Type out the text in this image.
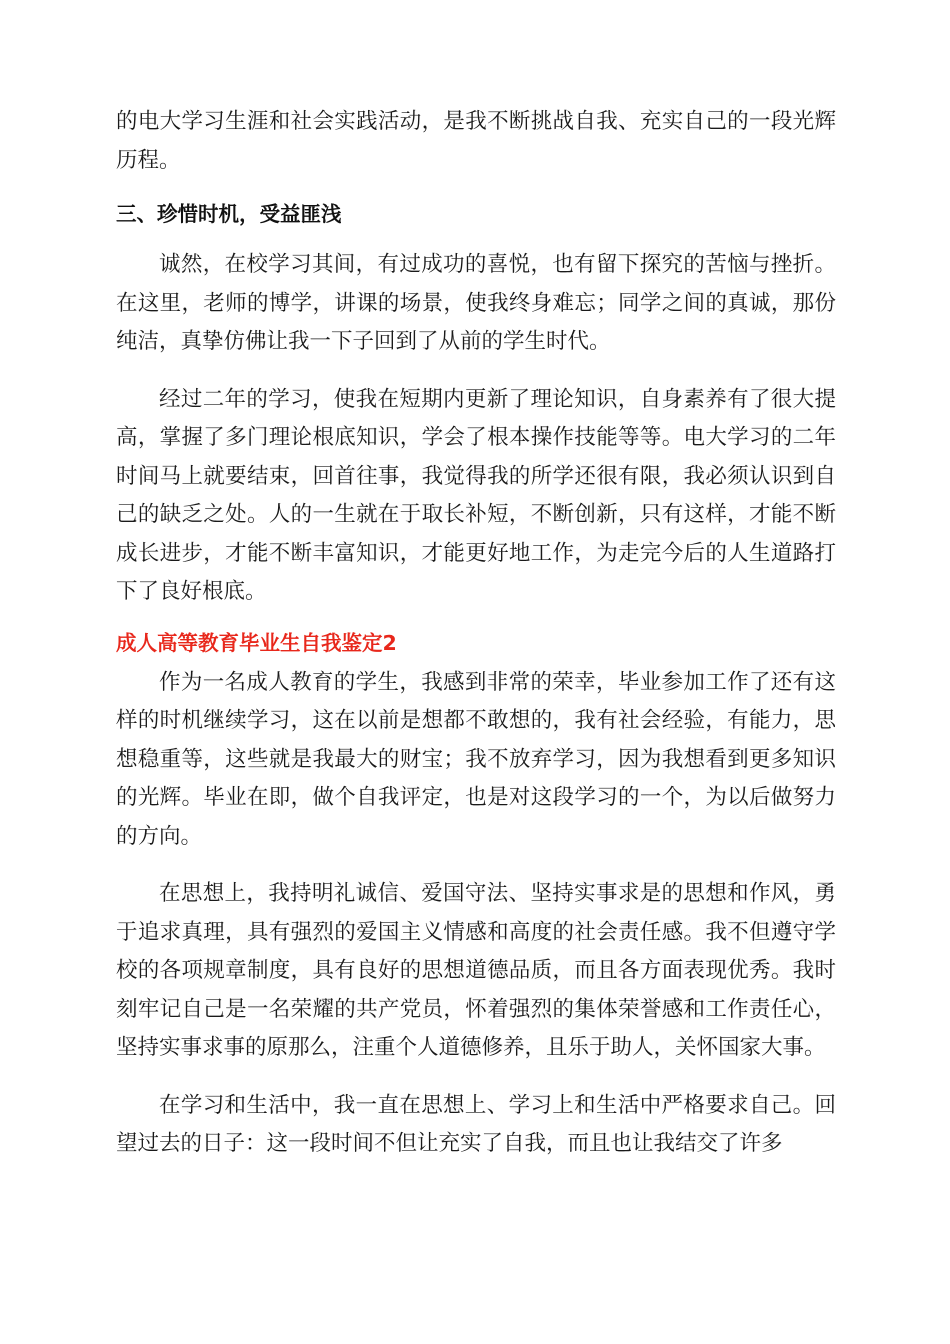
的电大学习生涯和社会实践活动，是我不断挑战自我、充实自己的一段光辉历程。

三、珍惜时机，受益匪浅

诚然，在校学习其间，有过成功的喜悦，也有留下探究的苦恼与挫折。在这里，老师的博学，讲课的场景，使我终身难忘；同学之间的真诚，那份纯洁，真挚仿佛让我一下子回到了从前的学生时代。

经过二年的学习，使我在短期内更新了理论知识，自身素养有了很大提高，掌握了多门理论根底知识，学会了根本操作技能等等。电大学习的二年时间马上就要结束，回首往事，我觉得我的所学还很有限，我必须认识到自己的缺乏之处。人的一生就在于取长补短，不断创新，只有这样，才能不断成长进步，才能不断丰富知识，才能更好地工作，为走完今后的人生道路打下了良好根底。

成人高等教育毕业生自我鉴定2

作为一名成人教育的学生，我感到非常的荣幸，毕业参加工作了还有这样的时机继续学习，这在以前是想都不敢想的，我有社会经验，有能力，思想稳重等，这些就是我最大的财宝；我不放弃学习，因为我想看到更多知识的光辉。毕业在即，做个自我评定，也是对这段学习的一个，为以后做努力的方向。

在思想上，我持明礼诚信、爱国守法、坚持实事求是的思想和作风，勇于追求真理，具有强烈的爱国主义情感和高度的社会责任感。我不但遵守学校的各项规章制度，具有良好的思想道德品质，而且各方面表现优秀。我时刻牢记自己是一名荣耀的共产党员，怀着强烈的集体荣誉感和工作责任心，坚持实事求事的原那么，注重个人道德修养，且乐于助人，关怀国家大事。

在学习和生活中，我一直在思想上、学习上和生活中严格要求自己。回望过去的日子：这一段时间不但让充实了自我，而且也让我结交了许多
